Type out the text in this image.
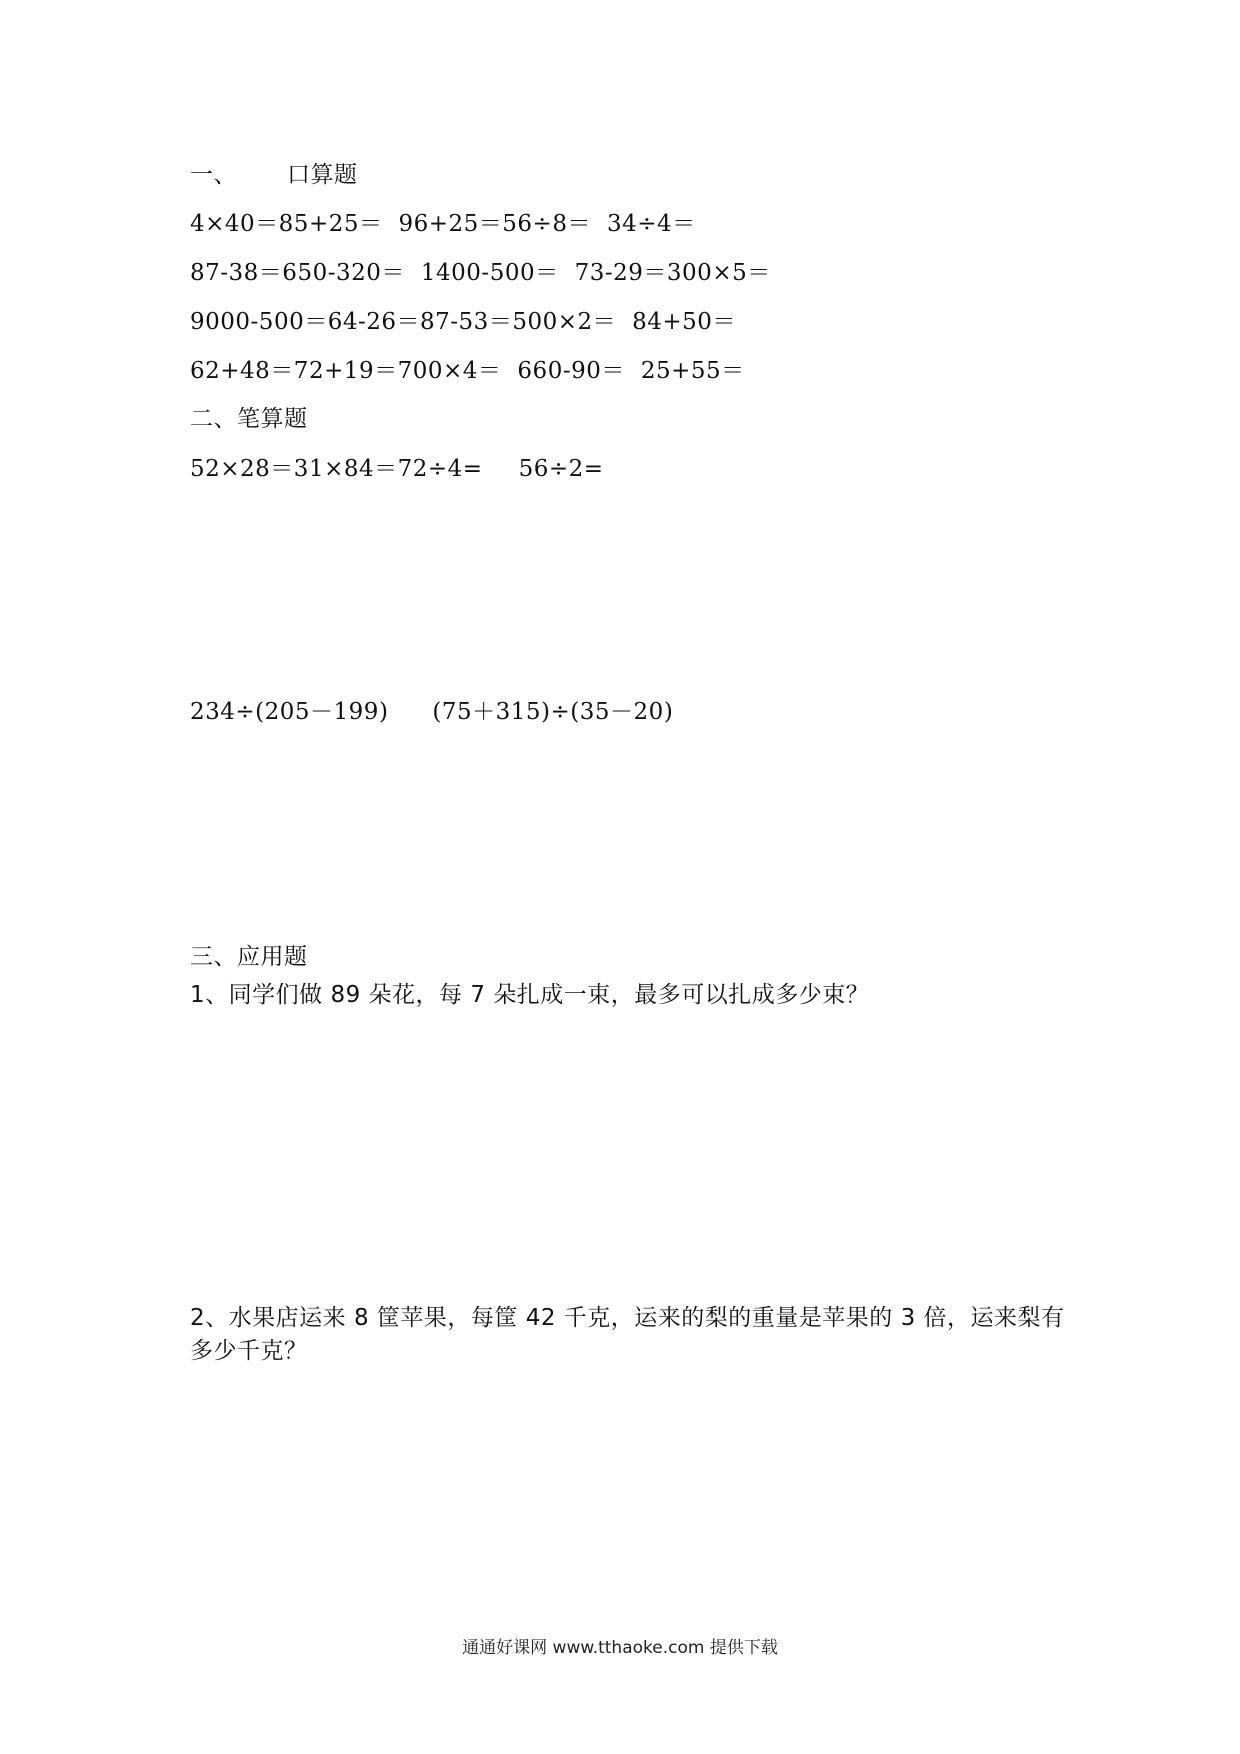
一、 口算题
4×40＝85+25＝ 96+25＝56÷8＝ 34÷4＝
87-38＝650-320＝ 1400-500＝ 73-29＝300×5＝
9000-500＝64-26＝87-53＝500×2＝ 84+50＝
62+48＝72+19＝700×4＝ 660-90＝ 25+55＝
二、笔算题
52×28＝31×84＝72÷4= 56÷2=
234÷(205－199) (75＋315)÷(35－20)
三、应用题
1、同学们做 89 朵花，每 7 朵扎成一束，最多可以扎成多少束？
2、水果店运来 8 筐苹果，每筐 42 千克，运来的梨的重量是苹果的 3 倍，运来梨有多少千克？
通通好课网 www.tthaoke.com 提供下载
